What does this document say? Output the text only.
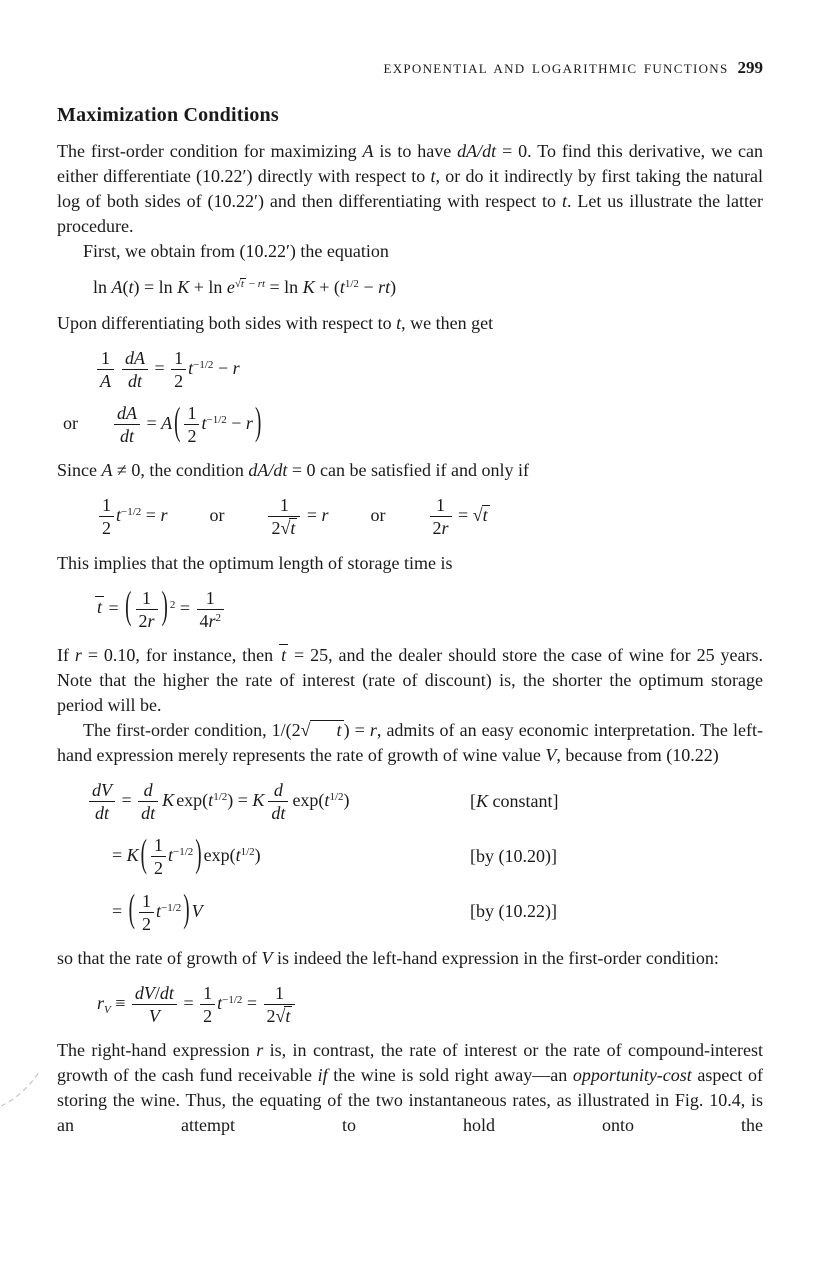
EXPONENTIAL AND LOGARITHMIC FUNCTIONS 299
Maximization Conditions

The first-order condition for maximizing A is to have dA/dt = 0. To find this derivative, we can either differentiate (10.22′) directly with respect to t, or do it indirectly by first taking the natural log of both sides of (10.22′) and then differentiating with respect to t. Let us illustrate the latter procedure.

First, we obtain from (10.22′) the equation

$\ln A(t) = \ln K + \ln e^{√t - rt} = \ln K + (t^{1/2} - rt)$

Upon differentiating both sides with respect to t, we then get

$\frac{1}{A} \frac{dA}{dt} = \frac{1}{2} t^{-1/2} - r$
or $\frac{dA}{dt} = A$ ( $\frac{1}{2} t^{-1/2} - r$ )

Since A ≠ 0, the condition dA/dt = 0 can be satisfied if and only if

$\frac{1}{2} t^{-1/2} = r$ or $\frac{1}{2√t} = r$ or $\frac{1}{2r} = √t$

This implies that the optimum length of storage time is

t = ( $\frac{1}{2r}$ ) $^2 = \frac{1}{4r^2}$

If r = 0.10, for instance, then t = 25, and the dealer should store the case of wine for 25 years. Note that the higher the rate of interest (rate of discount) is, the shorter the optimum storage period will be.

The first-order condition, 1/(2√ t ) = r, admits of an easy economic interpretation. The left-hand expression merely represents the rate of growth of wine value V, because from (10.22)

$\frac{dV}{dt} = \frac{d}{dt}$ K $\exp(t^{1/2}) = K \frac{d}{dt} \exp(t^{1/2})$	[K constant]
= K ( $\frac{1}{2} t^{-1/2}$ ) $\exp(t^{1/2})$	[by (10.20)]
= ( $\frac{1}{2} t^{-1/2}$ ) V	[by (10.22)]

so that the rate of growth of V is indeed the left-hand expression in the first-order condition:

$r_V \equiv \frac{dV/dt}{V} = \frac{1}{2} t^{-1/2} = \frac{1}{2√t}$

The right-hand expression r is, in contrast, the rate of interest or the rate of compound-interest growth of the cash fund receivable if the wine is sold right away—an opportunity-cost aspect of storing the wine. Thus, the equating of the two instantaneous rates, as illustrated in Fig. 10.4, is an attempt to hold onto the
